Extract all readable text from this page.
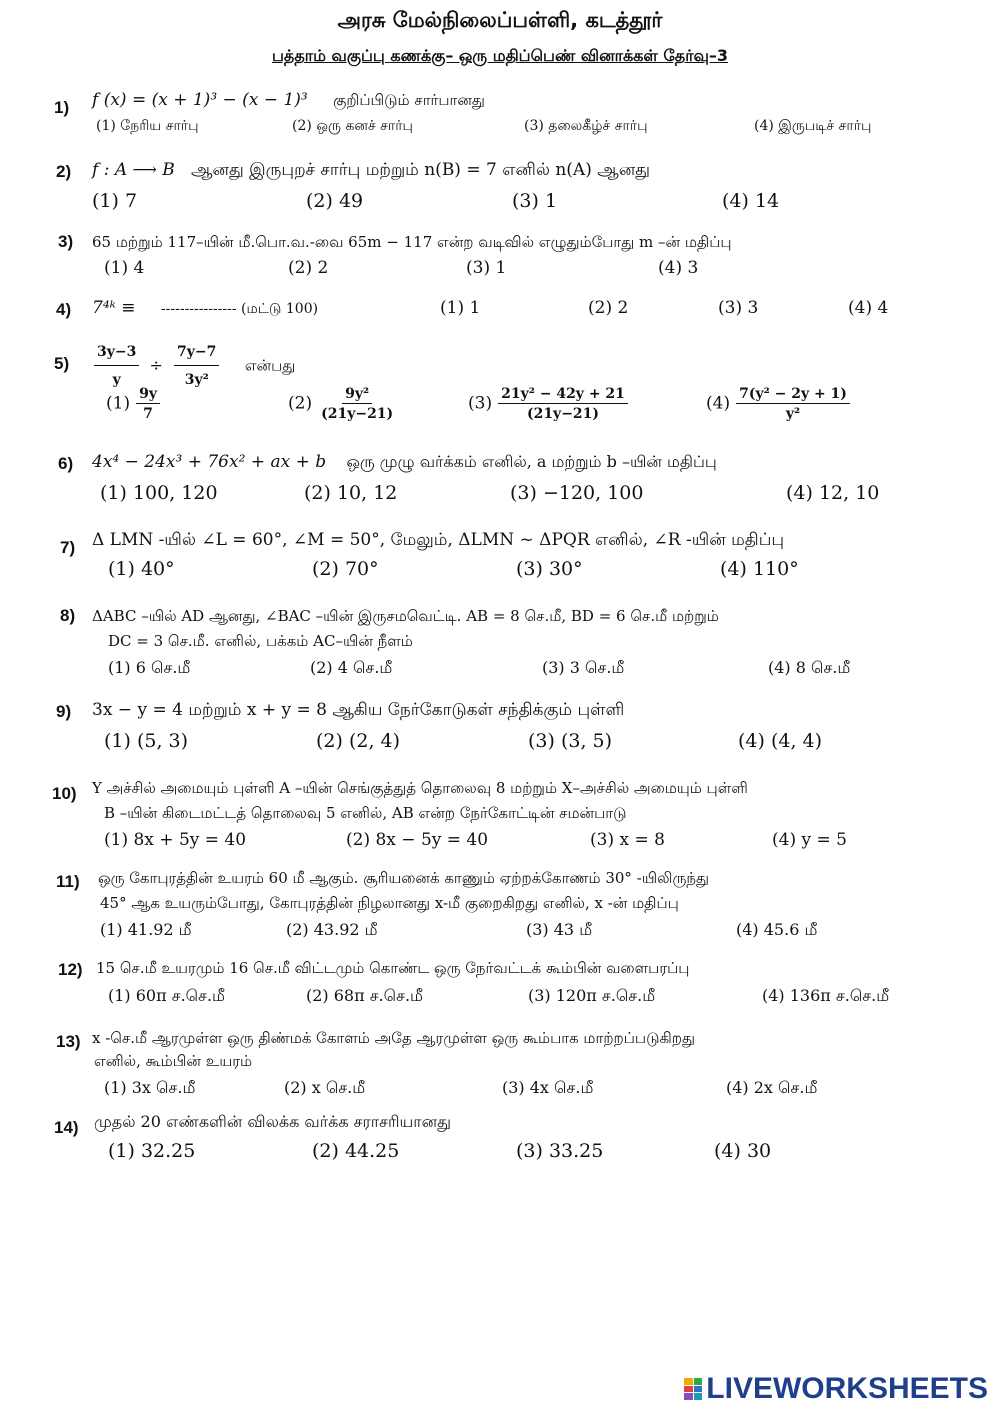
அரசு மேல்நிலைப்பள்ளி, கடத்தூர்
பத்தாம் வகுப்பு கணக்கு– ஒரு மதிப்பெண் வினாக்கள் தேர்வு–3
1) f (x) = (x + 1)³ − (x − 1)³ குறிப்பிடும் சார்பானது
(1) நேரிய சார்பு	(2) ஒரு கனச் சார்பு	(3) தலைகீழ்ச் சார்பு	(4) இருபடிச் சார்பு
2) f : A ⟶ B ஆனது இருபுறச் சார்பு மற்றும் n(B) = 7 எனில் n(A) ஆனது
(1) 7	(2) 49	(3) 1	(4) 14
3) 65 மற்றும் 117–யின் மீ.பொ.வ.-வை 65m − 117 என்ற வடிவில் எழுதும்போது m –ன் மதிப்பு
(1) 4	(2) 2	(3) 1	(4) 3
4) 7⁴ᵏ ≡ ---------------- (மட்டு 100)	(1) 1	(2) 2	(3) 3	(4) 4
$5) \frac{3y-3}{y} \div \frac{7y-7}{\text{3y²}}$ என்பது
$(1) \frac{9y}{7}$	$(2) \frac{\text{9y²}}{(21y-21)}$	$(3) \frac{\text{21y² − 42y + 21}}{(21y-21)}$	$(4) \frac{\text{7(y² − 2y + 1)}}{\text{y²}}$
6) 4x⁴ − 24x³ + 76x² + ax + b ஒரு முழு வர்க்கம் எனில், a மற்றும் b –யின் மதிப்பு
(1) 100, 120	(2) 10, 12	(3) −120, 100	(4) 12, 10
7) Δ LMN -யில் ∠L = 60°, ∠M = 50°, மேலும், ΔLMN ~ ΔPQR எனில், ∠R -யின் மதிப்பு
(1) 40°	(2) 70°	(3) 30°	(4) 110°
8) ΔABC –யில் AD ஆனது, ∠BAC –யின் இருசமவெட்டி. AB = 8 செ.மீ, BD = 6 செ.மீ மற்றும்
DC = 3 செ.மீ. எனில், பக்கம் AC–யின் நீளம்
(1) 6 செ.மீ	(2) 4 செ.மீ	(3) 3 செ.மீ	(4) 8 செ.மீ
9) 3x − y = 4 மற்றும் x + y = 8 ஆகிய நேர்கோடுகள் சந்திக்கும் புள்ளி
(1) (5, 3)	(2) (2, 4)	(3) (3, 5)	(4) (4, 4)
10) Y அச்சில் அமையும் புள்ளி A –யின் செங்குத்துத் தொலைவு 8 மற்றும் X–அச்சில் அமையும் புள்ளி
B –யின் கிடைமட்டத் தொலைவு 5 எனில், AB என்ற நேர்கோட்டின் சமன்பாடு
(1) 8x + 5y = 40	(2) 8x − 5y = 40	(3) x = 8	(4) y = 5
11) ஒரு கோபுரத்தின் உயரம் 60 மீ ஆகும். சூரியனைக் காணும் ஏற்றக்கோணம் 30° -யிலிருந்து
45° ஆக உயரும்போது, கோபுரத்தின் நிழலானது x-மீ குறைகிறது எனில், x -ன் மதிப்பு
(1) 41.92 மீ	(2) 43.92 மீ	(3) 43 மீ	(4) 45.6 மீ
12) 15 செ.மீ உயரமும் 16 செ.மீ விட்டமும் கொண்ட ஒரு நேர்வட்டக் கூம்பின் வளைபரப்பு
(1) 60π ச.செ.மீ	(2) 68π ச.செ.மீ	(3) 120π ச.செ.மீ	(4) 136π ச.செ.மீ
13) x -செ.மீ ஆரமுள்ள ஒரு திண்மக் கோளம் அதே ஆரமுள்ள ஒரு கூம்பாக மாற்றப்படுகிறது
எனில், கூம்பின் உயரம்
(1) 3x செ.மீ	(2) x செ.மீ	(3) 4x செ.மீ	(4) 2x செ.மீ
14) முதல் 20 எண்களின் விலக்க வர்க்க சராசரியானது
(1) 32.25	(2) 44.25	(3) 33.25	(4) 30
LIVEWORKSHEETS
